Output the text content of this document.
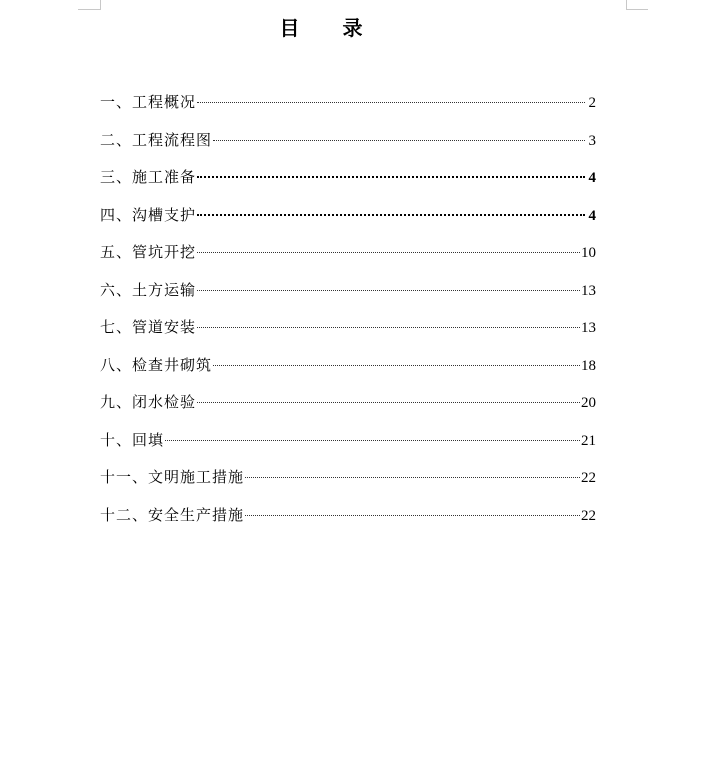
目 录
一、工程概况	2
二、工程流程图	3
三、施工准备	4
四、沟槽支护	4
五、管坑开挖	10
六、土方运输	13
七、管道安装	13
八、检查井砌筑	18
九、闭水检验	20
十、回填	21
十一、文明施工措施	22
十二、安全生产措施	22
